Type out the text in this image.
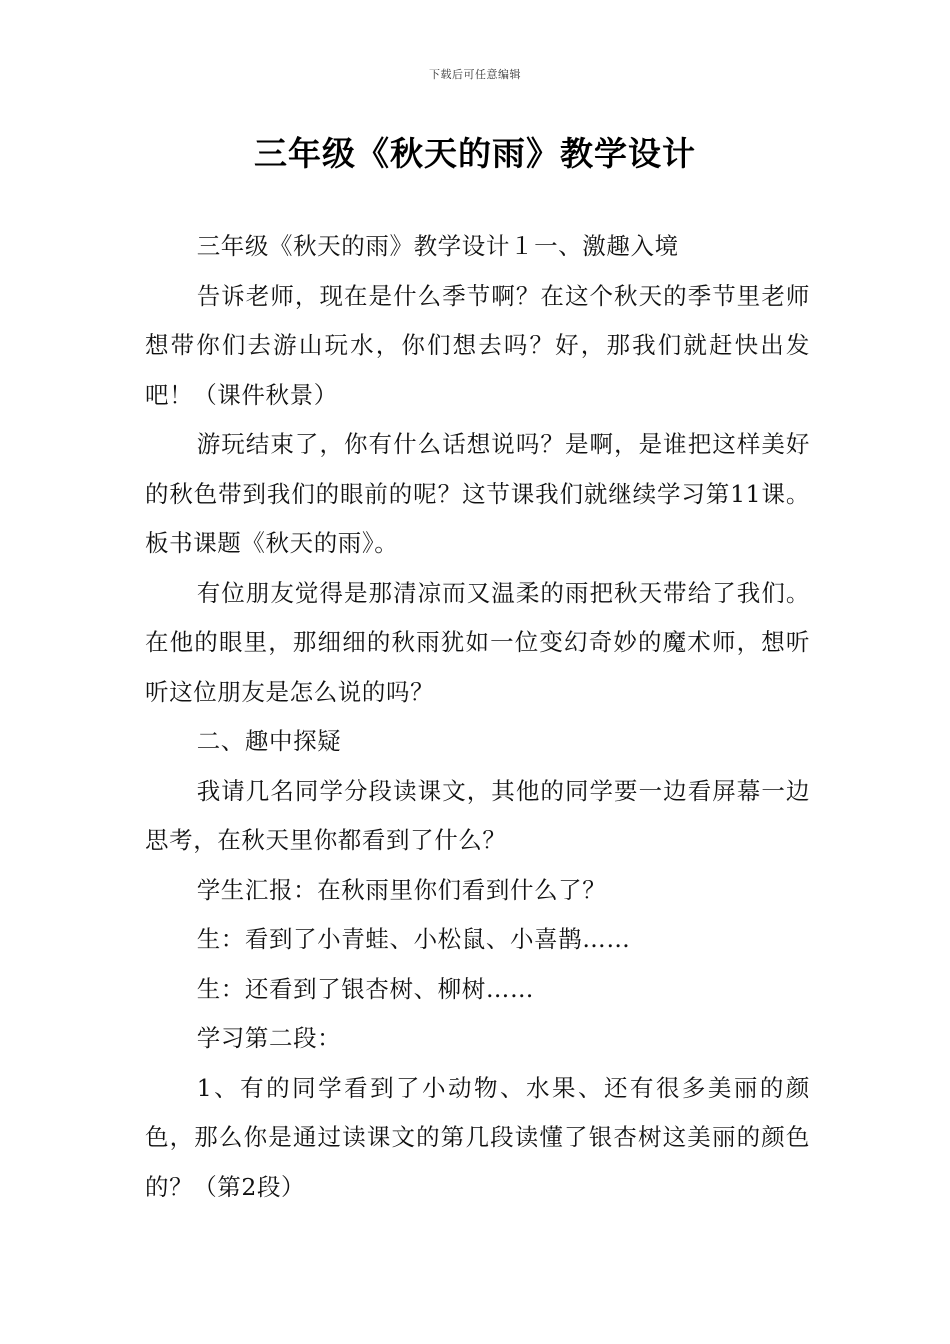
下载后可任意编辑
三年级《秋天的雨》教学设计

三年级《秋天的雨》教学设计１一、激趣入境

告诉老师，现在是什么季节啊？在这个秋天的季节里老师想带你们去游山玩水，你们想去吗？好，那我们就赶快出发吧！（课件秋景）

游玩结束了，你有什么话想说吗？是啊，是谁把这样美好的秋色带到我们的眼前的呢？这节课我们就继续学习第11课。板书课题《秋天的雨》。

有位朋友觉得是那清凉而又温柔的雨把秋天带给了我们。在他的眼里，那细细的秋雨犹如一位变幻奇妙的魔术师，想听听这位朋友是怎么说的吗？

二、趣中探疑

我请几名同学分段读课文，其他的同学要一边看屏幕一边思考，在秋天里你都看到了什么？

学生汇报：在秋雨里你们看到什么了？

生：看到了小青蛙、小松鼠、小喜鹊……

生：还看到了银杏树、柳树……

学习第二段：

1、有的同学看到了小动物、水果、还有很多美丽的颜色，那么你是通过读课文的第几段读懂了银杏树这美丽的颜色的？（第2段）
